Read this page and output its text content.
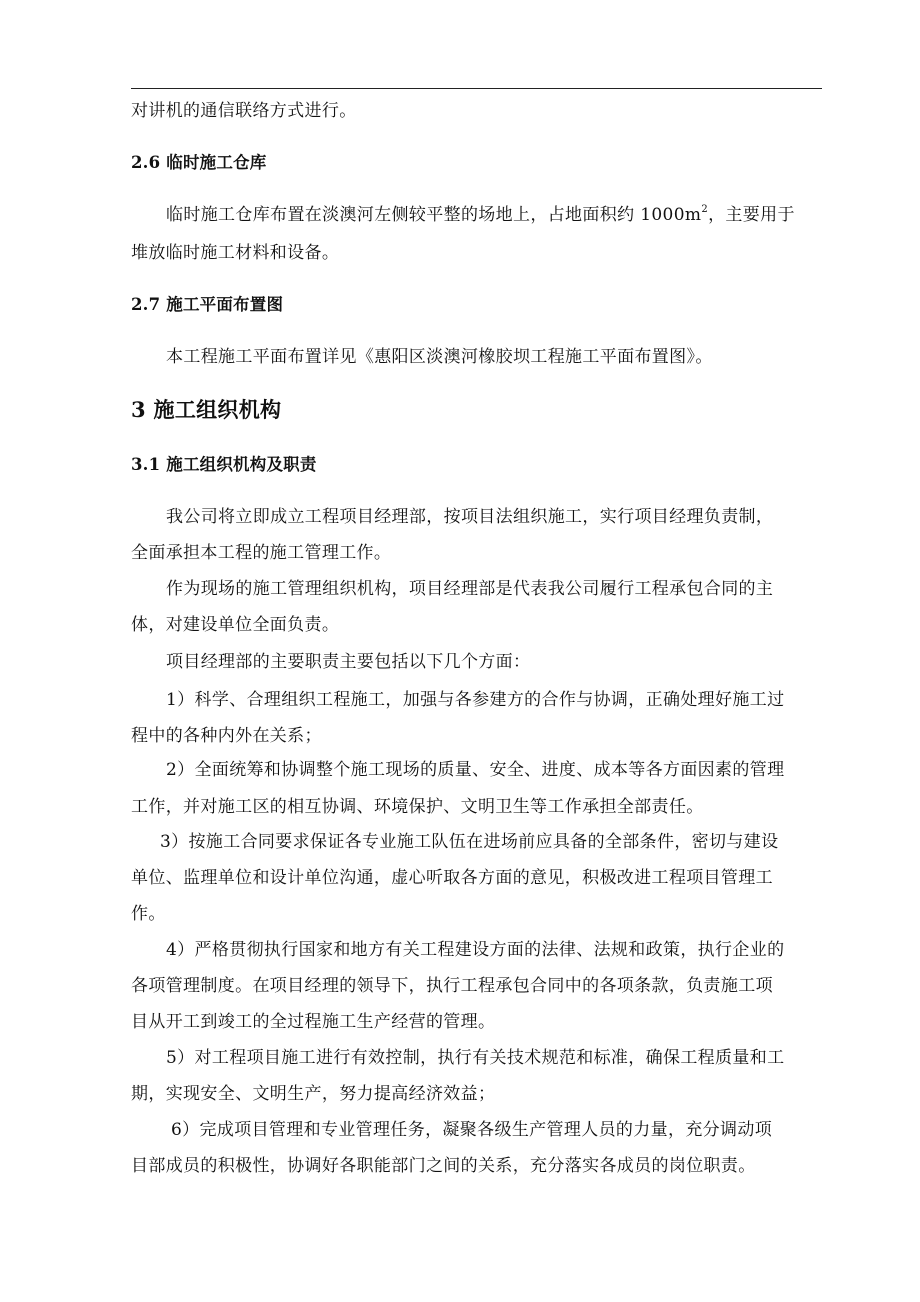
对讲机的通信联络方式进行。
2.6 临时施工仓库
临时施工仓库布置在淡澳河左侧较平整的场地上，占地面积约 $1000m^2$，主要用于
堆放临时施工材料和设备。
2.7 施工平面布置图
本工程施工平面布置详见《惠阳区淡澳河橡胶坝工程施工平面布置图》。
3 施工组织机构
3.1 施工组织机构及职责
我公司将立即成立工程项目经理部，按项目法组织施工，实行项目经理负责制，
全面承担本工程的施工管理工作。
作为现场的施工管理组织机构，项目经理部是代表我公司履行工程承包合同的主
体，对建设单位全面负责。
项目经理部的主要职责主要包括以下几个方面：
1）科学、合理组织工程施工，加强与各参建方的合作与协调，正确处理好施工过
程中的各种内外在关系；
2）全面统筹和协调整个施工现场的质量、安全、进度、成本等各方面因素的管理
工作，并对施工区的相互协调、环境保护、文明卫生等工作承担全部责任。
3）按施工合同要求保证各专业施工队伍在进场前应具备的全部条件，密切与建设
单位、监理单位和设计单位沟通，虚心听取各方面的意见，积极改进工程项目管理工
作。
4）严格贯彻执行国家和地方有关工程建设方面的法律、法规和政策，执行企业的
各项管理制度。在项目经理的领导下，执行工程承包合同中的各项条款，负责施工项
目从开工到竣工的全过程施工生产经营的管理。
5）对工程项目施工进行有效控制，执行有关技术规范和标准，确保工程质量和工
期，实现安全、文明生产，努力提高经济效益；
6）完成项目管理和专业管理任务，凝聚各级生产管理人员的力量，充分调动项
目部成员的积极性，协调好各职能部门之间的关系，充分落实各成员的岗位职责。
